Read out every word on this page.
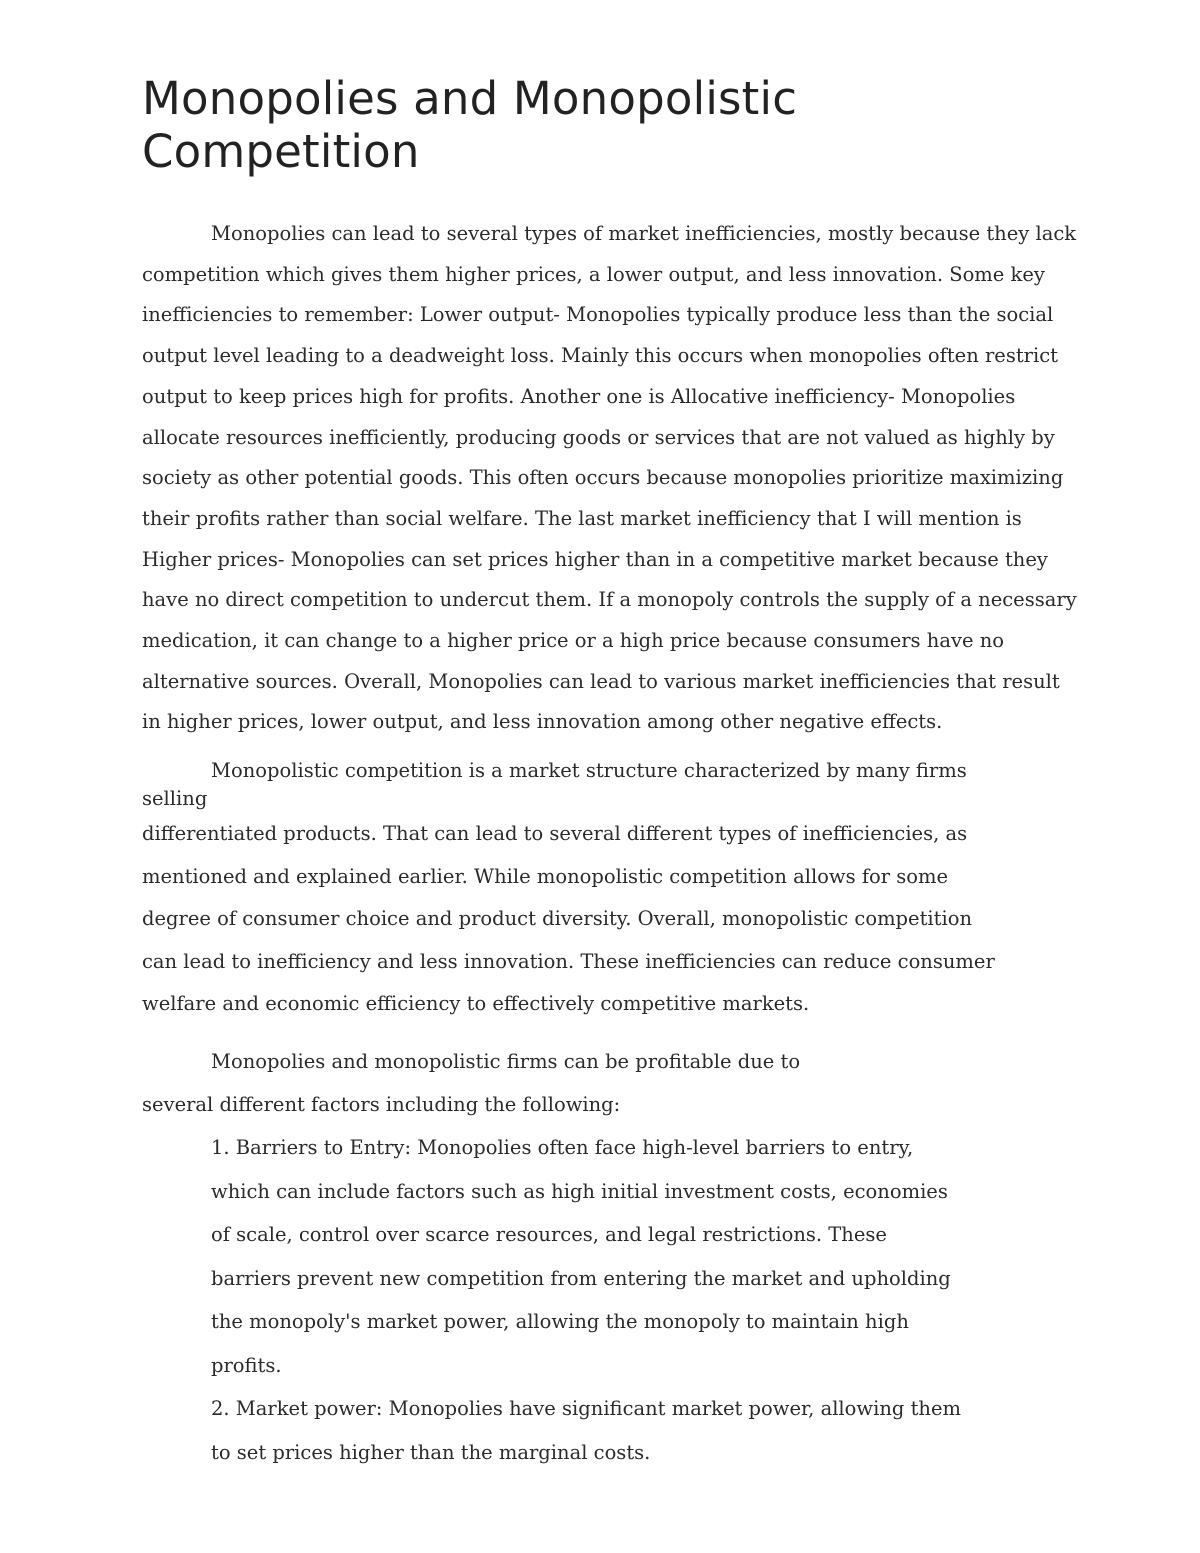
Monopolies and Monopolistic Competition

Monopolies can lead to several types of market inefficiencies, mostly because they lack competition which gives them higher prices, a lower output, and less innovation. Some key inefficiencies to remember: Lower output- Monopolies typically produce less than the social output level leading to a deadweight loss. Mainly this occurs when monopolies often restrict output to keep prices high for profits. Another one is Allocative inefficiency- Monopolies allocate resources inefficiently, producing goods or services that are not valued as highly by society as other potential goods. This often occurs because monopolies prioritize maximizing their profits rather than social welfare. The last market inefficiency that I will mention is Higher prices- Monopolies can set prices higher than in a competitive market because they have no direct competition to undercut them. If a monopoly controls the supply of a necessary medication, it can change to a higher price or a high price because consumers have no alternative sources. Overall, Monopolies can lead to various market inefficiencies that result in higher prices, lower output, and less innovation among other negative effects.

Monopolistic competition is a market structure characterized by many firms selling
differentiated products. That can lead to several different types of inefficiencies, as mentioned and explained earlier. While monopolistic competition allows for some degree of consumer choice and product diversity. Overall, monopolistic competition can lead to inefficiency and less innovation. These inefficiencies can reduce consumer welfare and economic efficiency to effectively competitive markets.

Monopolies and monopolistic firms can be profitable due to several different factors including the following:

1. Barriers to Entry: Monopolies often face high-level barriers to entry, which can include factors such as high initial investment costs, economies of scale, control over scarce resources, and legal restrictions. These barriers prevent new competition from entering the market and upholding the monopoly's market power, allowing the monopoly to maintain high profits.
2. Market power: Monopolies have significant market power, allowing them to set prices higher than the marginal costs.
